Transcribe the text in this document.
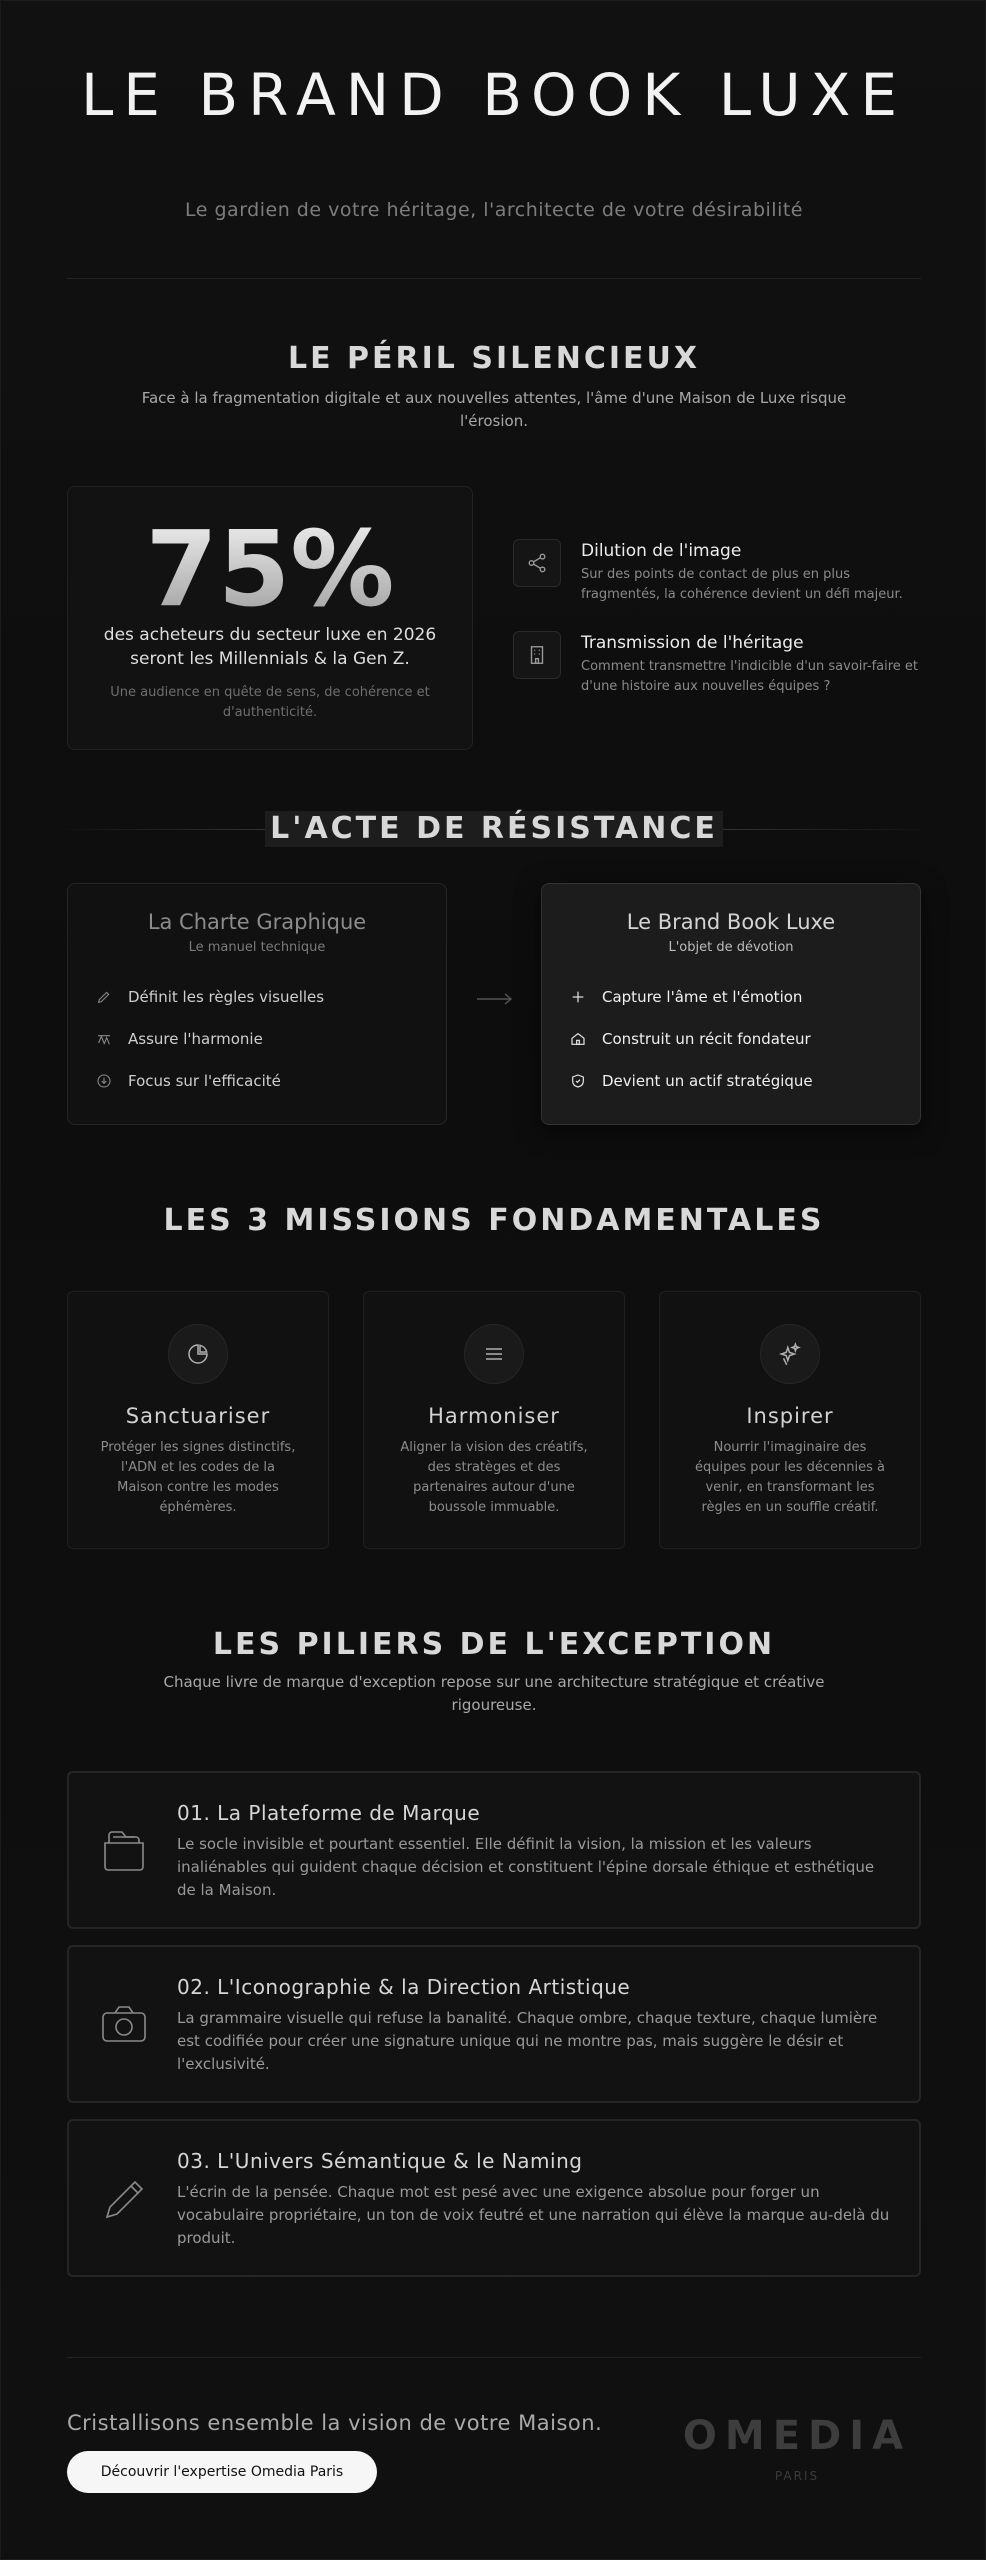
LE BRAND BOOK LUXE

Le gardien de votre héritage, l'architecte de votre désirabilité

LE PÉRIL SILENCIEUX

Face à la fragmentation digitale et aux nouvelles attentes, l'âme d'une Maison de Luxe risque l'érosion.

75%
des acheteurs du secteur luxe en 2026 seront les Millennials & la Gen Z.
Une audience en quête de sens, de cohérence et d'authenticité.
Dilution de l'image
Sur des points de contact de plus en plus fragmentés, la cohérence devient un défi majeur.
Transmission de l'héritage
Comment transmettre l'indicible d'un savoir-faire et d'une histoire aux nouvelles équipes ?
L'ACTE DE RÉSISTANCE
La Charte Graphique
Le manuel technique
Définit les règles visuelles
Assure l'harmonie
Focus sur l'efficacité
Le Brand Book Luxe
L'objet de dévotion
Capture l'âme et l'émotion
Construit un récit fondateur
Devient un actif stratégique
LES 3 MISSIONS FONDAMENTALES
Sanctuariser
Protéger les signes distinctifs, l'ADN et les codes de la Maison contre les modes éphémères.
Harmoniser
Aligner la vision des créatifs, des stratèges et des partenaires autour d'une boussole immuable.
Inspirer
Nourrir l'imaginaire des équipes pour les décennies à venir, en transformant les règles en un souffle créatif.
LES PILIERS DE L'EXCEPTION

Chaque livre de marque d'exception repose sur une architecture stratégique et créative rigoureuse.

01. La Plateforme de Marque
Le socle invisible et pourtant essentiel. Elle définit la vision, la mission et les valeurs inaliénables qui guident chaque décision et constituent l'épine dorsale éthique et esthétique de la Maison.
02. L'Iconographie & la Direction Artistique
La grammaire visuelle qui refuse la banalité. Chaque ombre, chaque texture, chaque lumière est codifiée pour créer une signature unique qui ne montre pas, mais suggère le désir et l'exclusivité.
03. L'Univers Sémantique & le Naming
L'écrin de la pensée. Chaque mot est pesé avec une exigence absolue pour forger un vocabulaire propriétaire, un ton de voix feutré et une narration qui élève la marque au-delà du produit.
Cristallisons ensemble la vision de votre Maison.
Découvrir l'expertise Omedia Paris
OMEDIA
PARIS
